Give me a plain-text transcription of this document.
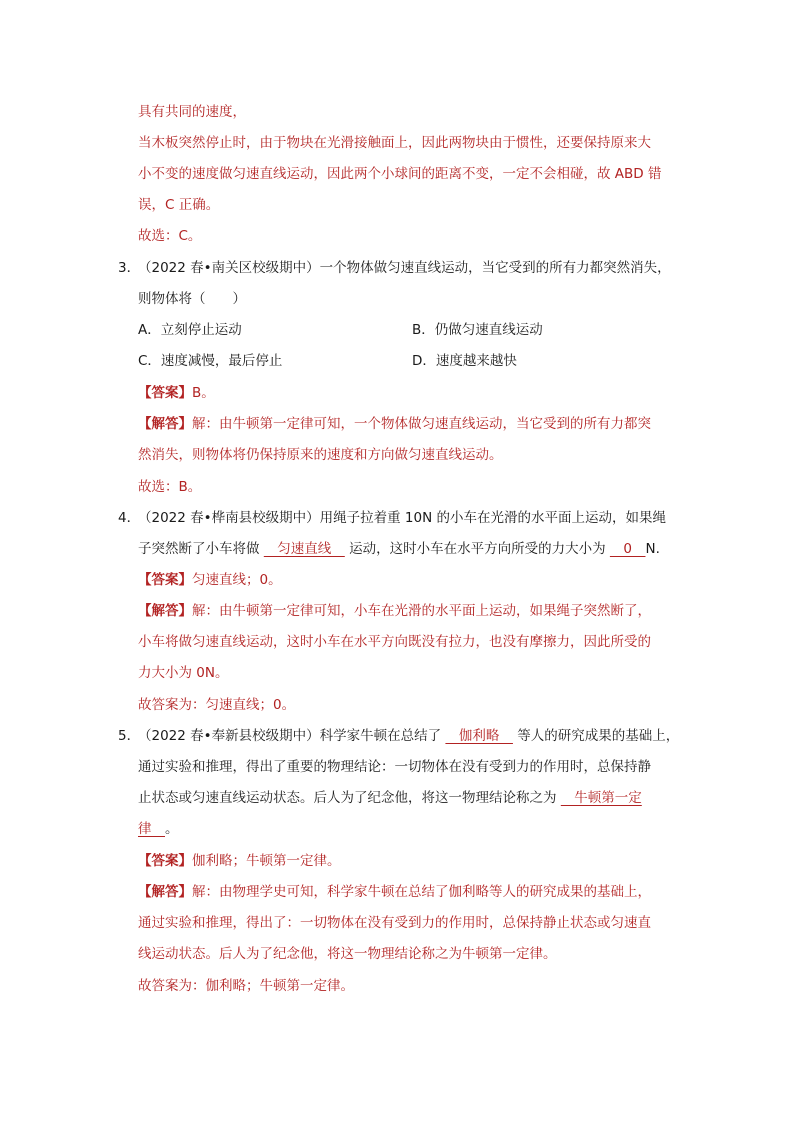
具有共同的速度，
当木板突然停止时，由于物块在光滑接触面上，因此两物块由于惯性，还要保持原来大
小不变的速度做匀速直线运动，因此两个小球间的距离不变，一定不会相碰，故 ABD 错
误，C 正确。
故选：C。
3．
（2022 春•南关区校级期中）一个物体做匀速直线运动，当它受到的所有力都突然消失，
则物体将（　　）
A．立刻停止运动	B．仍做匀速直线运动
C．速度减慢，最后停止	D．速度越来越快
【答案】B。
【解答】解：由牛顿第一定律可知，一个物体做匀速直线运动，当它受到的所有力都突
然消失，则物体将仍保持原来的速度和方向做匀速直线运动。
故选：B。
4．
（2022 春•桦南县校级期中）用绳子拉着重 10N 的小车在光滑的水平面上运动，如果绳
子突然断了小车将做 　匀速直线　 运动，这时小车在水平方向所受的力大小为 　0　N.
【答案】匀速直线；0。
【解答】解：由牛顿第一定律可知，小车在光滑的水平面上运动，如果绳子突然断了，
小车将做匀速直线运动，这时小车在水平方向既没有拉力，也没有摩擦力，因此所受的
力大小为 0N。
故答案为：匀速直线；0。
5．
（2022 春•奉新县校级期中）科学家牛顿在总结了 　伽利略　 等人的研究成果的基础上，
通过实验和推理，得出了重要的物理结论：一切物体在没有受到力的作用时，总保持静
止状态或匀速直线运动状态。后人为了纪念他，将这一物理结论称之为 　牛顿第一定
律　。
【答案】伽利略；牛顿第一定律。
【解答】解：由物理学史可知，科学家牛顿在总结了伽利略等人的研究成果的基础上，
通过实验和推理，得出了：一切物体在没有受到力的作用时，总保持静止状态或匀速直
线运动状态。后人为了纪念他，将这一物理结论称之为牛顿第一定律。
故答案为：伽利略；牛顿第一定律。
